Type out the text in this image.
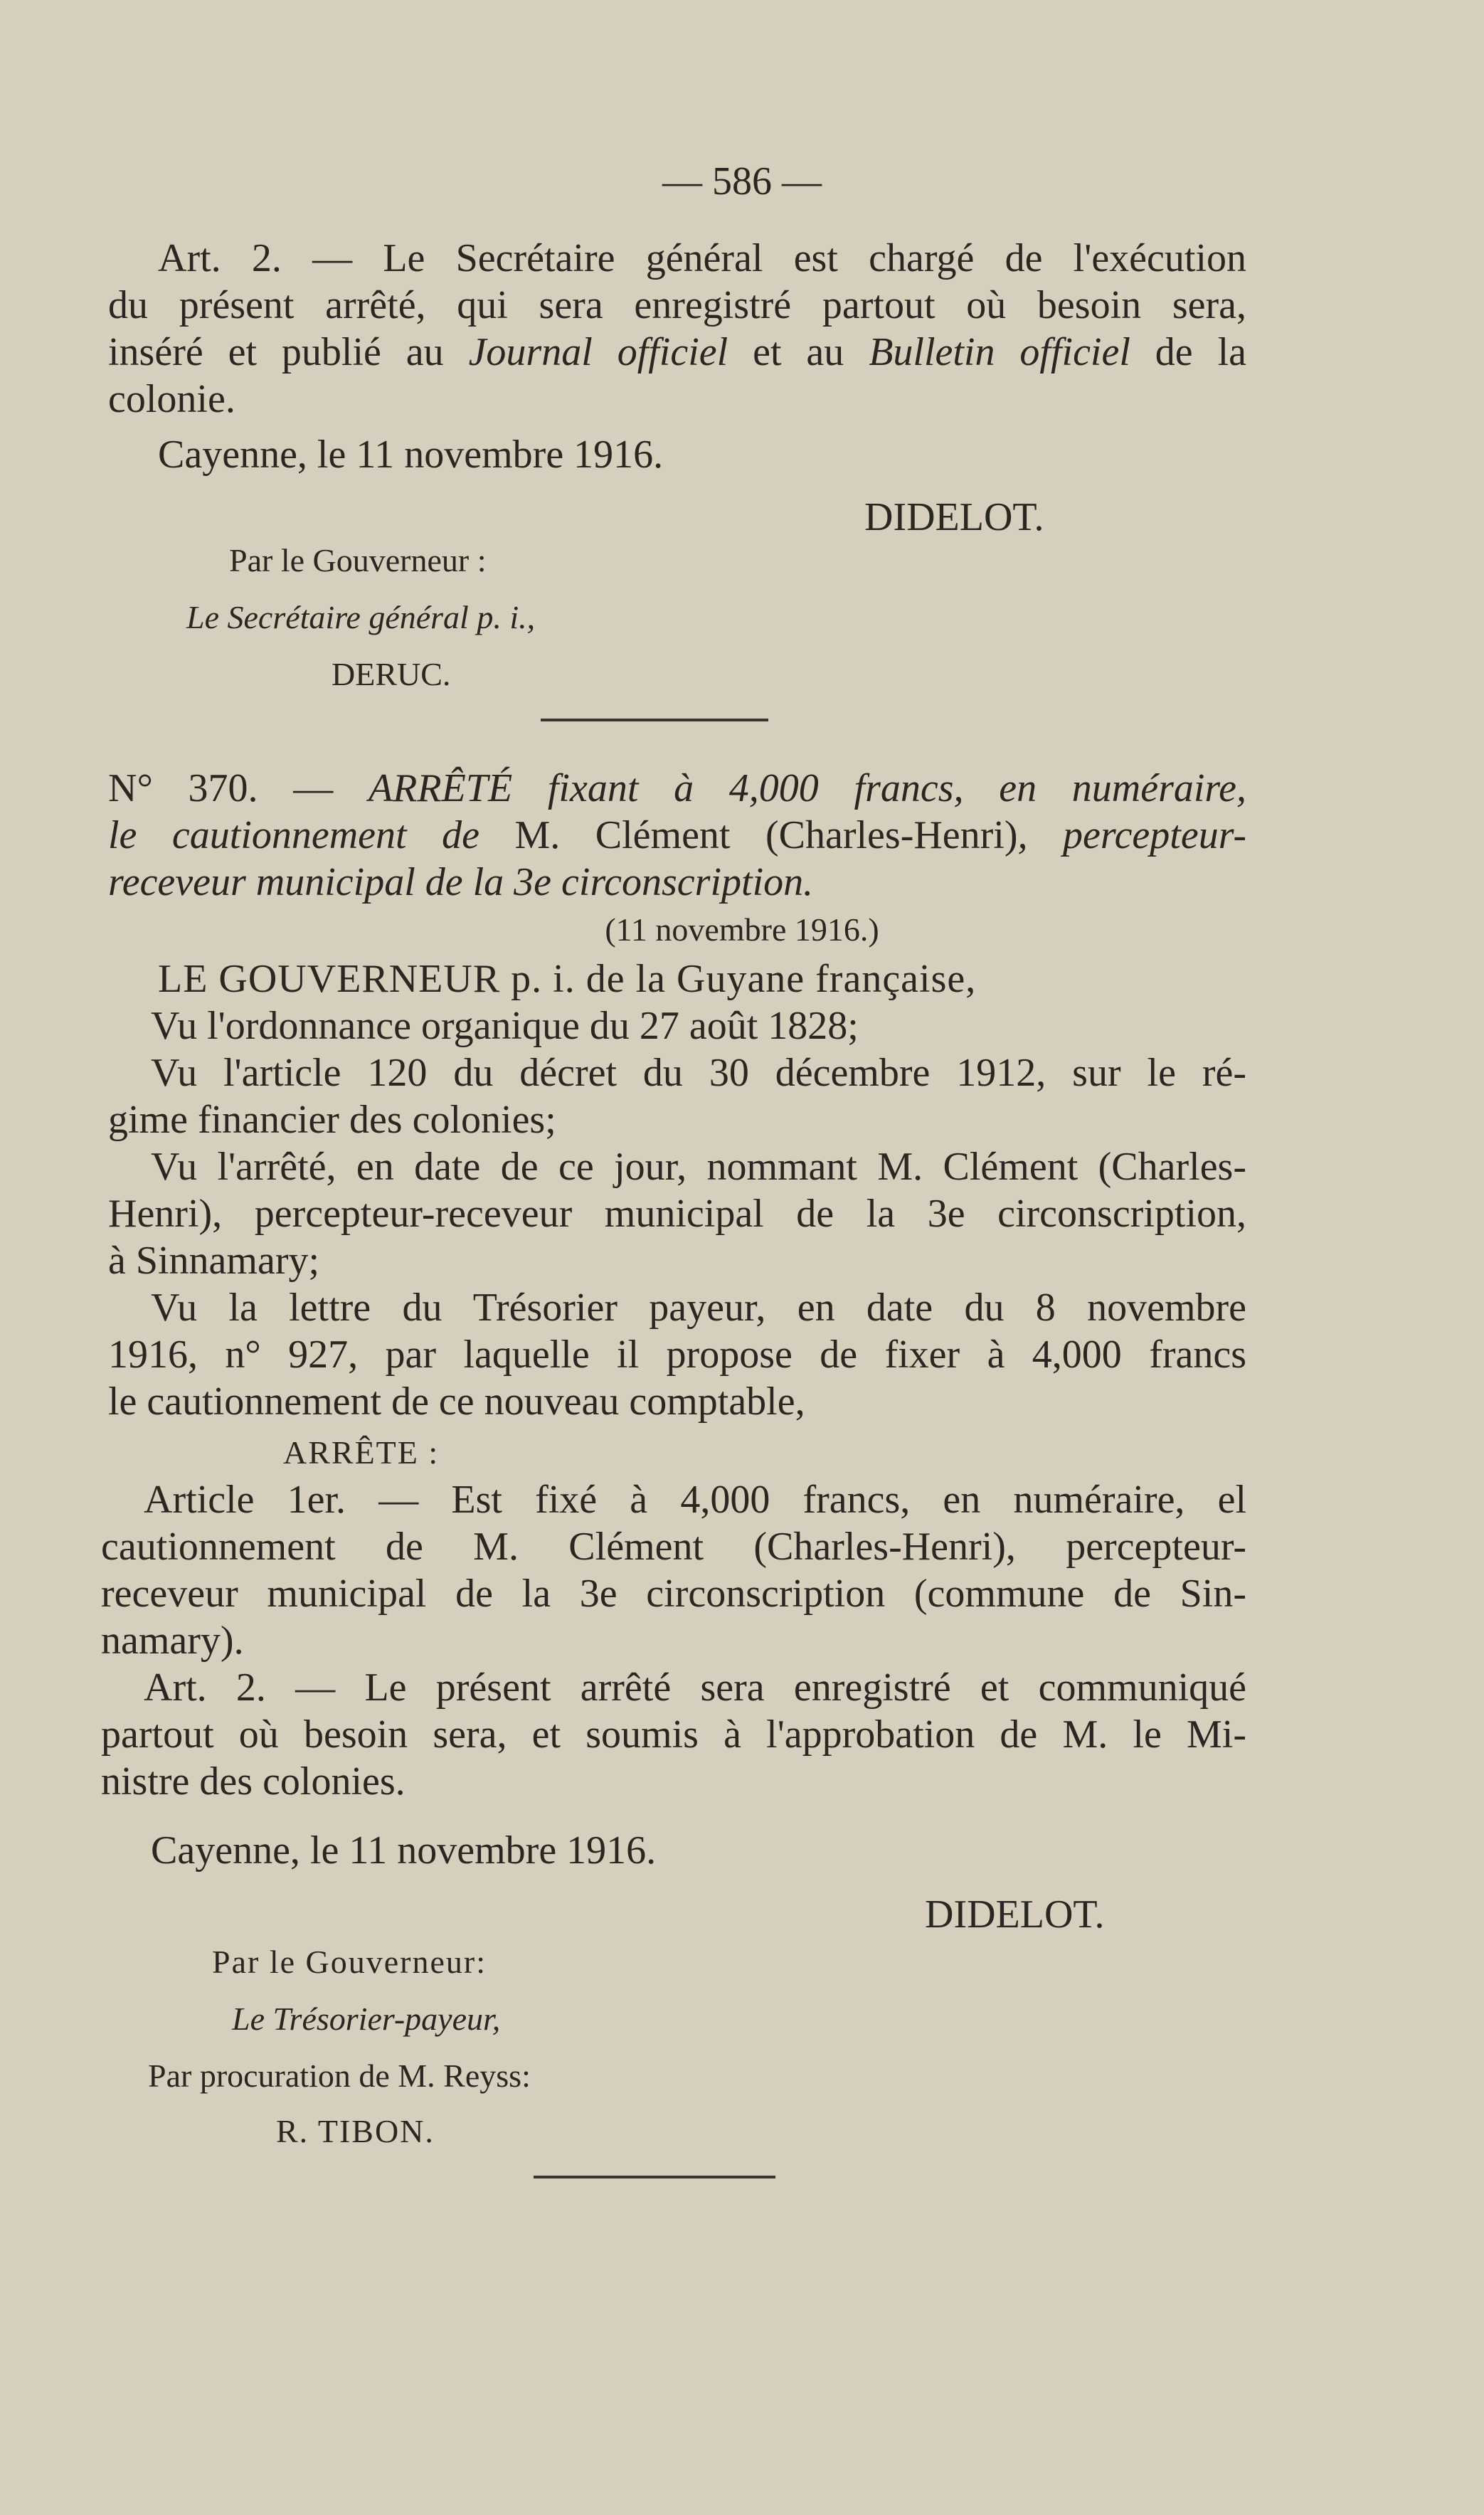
— 586 —
Art. 2. — Le Secrétaire général est chargé de l'exécution
du présent arrêté, qui sera enregistré partout où besoin sera,
inséré et publié au Journal officiel et au Bulletin officiel de la
colonie.
Cayenne, le 11 novembre 1916.
DIDELOT.
Par le Gouverneur :
Le Secrétaire général p. i.,
DERUC.
N° 370. — ARRÊTÉ fixant à 4,000 francs, en numéraire,
le cautionnement de M. Clément (Charles-Henri), percepteur-
receveur municipal de la 3e circonscription.
(11 novembre 1916.)
LE GOUVERNEUR p. i. de la Guyane française,
Vu l'ordonnance organique du 27 août 1828;
Vu l'article 120 du décret du 30 décembre 1912, sur le ré-
gime financier des colonies;
Vu l'arrêté, en date de ce jour, nommant M. Clément (Charles-
Henri), percepteur-receveur municipal de la 3e circonscription,
à Sinnamary;
Vu la lettre du Trésorier payeur, en date du 8 novembre
1916, n° 927, par laquelle il propose de fixer à 4,000 francs
le cautionnement de ce nouveau comptable,
ARRÊTE :
Article 1er. — Est fixé à 4,000 francs, en numéraire, el
cautionnement de M. Clément (Charles-Henri), percepteur-
receveur municipal de la 3e circonscription (commune de Sin-
namary).
Art. 2. — Le présent arrêté sera enregistré et communiqué
partout où besoin sera, et soumis à l'approbation de M. le Mi-
nistre des colonies.
Cayenne, le 11 novembre 1916.
DIDELOT.
Par le Gouverneur:
Le Trésorier-payeur,
Par procuration de M. Reyss:
R. TIBON.
